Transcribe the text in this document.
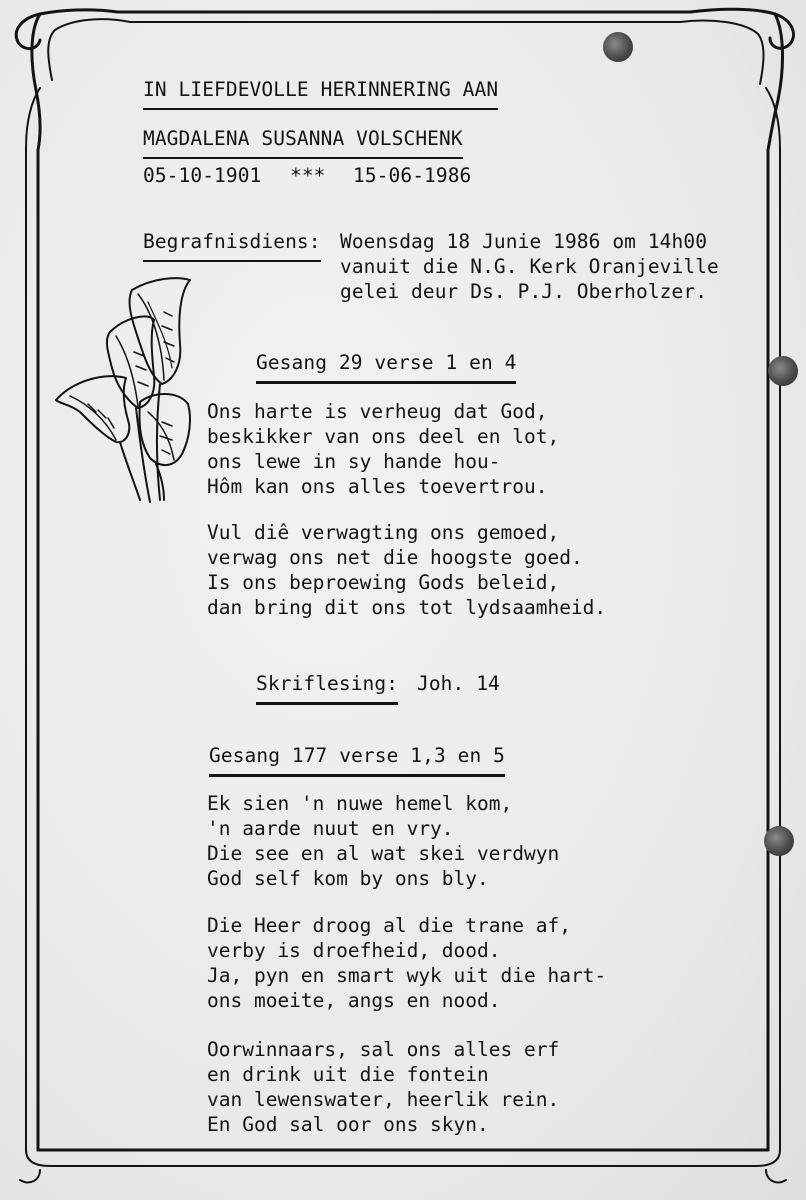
IN LIEFDEVOLLE HERINNERING AAN

MAGDALENA SUSANNA VOLSCHENK

05-10-1901 *** 15-06-1986

Begrafnisdiens: Woensdag 18 Junie 1986 om 14h00

vanuit die N.G. Kerk Oranjeville

gelei deur Ds. P.J. Oberholzer.

Gesang 29 verse 1 en 4

Ons harte is verheug dat God,
beskikker van ons deel en lot,
ons lewe in sy hande hou-
Hôm kan ons alles toevertrou.
Vul diê verwagting ons gemoed,
verwag ons net die hoogste goed.
Is ons beproewing Gods beleid,
dan bring dit ons tot lydsaamheid.

Skriflesing: Joh. 14

Gesang 177 verse 1,3 en 5

Ek sien 'n nuwe hemel kom,
'n aarde nuut en vry.
Die see en al wat skei verdwyn
God self kom by ons bly.
Die Heer droog al die trane af,
verby is droefheid, dood.
Ja, pyn en smart wyk uit die hart-
ons moeite, angs en nood.
Oorwinnaars, sal ons alles erf
en drink uit die fontein
van lewenswater, heerlik rein.
En God sal oor ons skyn.
